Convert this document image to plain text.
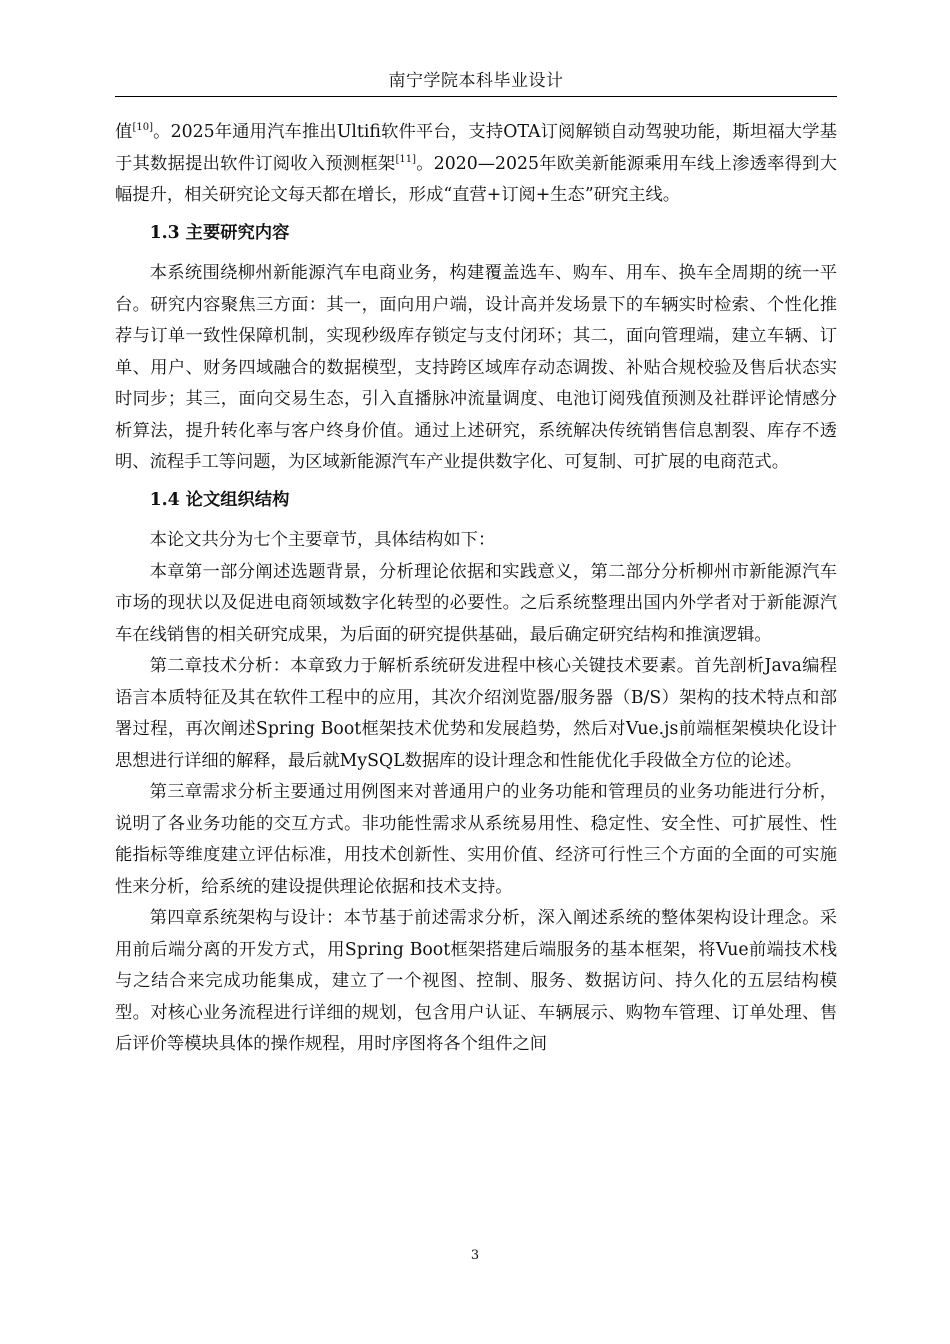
南宁学院本科毕业设计

值[10]。2025年通用汽车推出Ultifi软件平台，支持OTA订阅解锁自动驾驶功能，斯坦福大学基于其数据提出软件订阅收入预测框架[11]。2020—2025年欧美新能源乘用车线上渗透率得到大幅提升，相关研究论文每天都在增长，形成“直营+订阅+生态”研究主线。

1.3 主要研究内容

本系统围绕柳州新能源汽车电商业务，构建覆盖选车、购车、用车、换车全周期的统一平台。研究内容聚焦三方面：其一，面向用户端，设计高并发场景下的车辆实时检索、个性化推荐与订单一致性保障机制，实现秒级库存锁定与支付闭环；其二，面向管理端，建立车辆、订单、用户、财务四域融合的数据模型，支持跨区域库存动态调拨、补贴合规校验及售后状态实时同步；其三，面向交易生态，引入直播脉冲流量调度、电池订阅残值预测及社群评论情感分析算法，提升转化率与客户终身价值。通过上述研究，系统解决传统销售信息割裂、库存不透明、流程手工等问题，为区域新能源汽车产业提供数字化、可复制、可扩展的电商范式。

1.4 论文组织结构

本论文共分为七个主要章节，具体结构如下：

本章第一部分阐述选题背景，分析理论依据和实践意义，第二部分分析柳州市新能源汽车市场的现状以及促进电商领域数字化转型的必要性。之后系统整理出国内外学者对于新能源汽车在线销售的相关研究成果，为后面的研究提供基础，最后确定研究结构和推演逻辑。

第二章技术分析：本章致力于解析系统研发进程中核心关键技术要素。首先剖析Java编程语言本质特征及其在软件工程中的应用，其次介绍浏览器/服务器（B/S）架构的技术特点和部署过程，再次阐述Spring Boot框架技术优势和发展趋势，然后对Vue.js前端框架模块化设计思想进行详细的解释，最后就MySQL数据库的设计理念和性能优化手段做全方位的论述。

第三章需求分析主要通过用例图来对普通用户的业务功能和管理员的业务功能进行分析，说明了各业务功能的交互方式。非功能性需求从系统易用性、稳定性、安全性、可扩展性、性能指标等维度建立评估标准，用技术创新性、实用价值、经济可行性三个方面的全面的可实施性来分析，给系统的建设提供理论依据和技术支持。

第四章系统架构与设计：本节基于前述需求分析，深入阐述系统的整体架构设计理念。采用前后端分离的开发方式，用Spring Boot框架搭建后端服务的基本框架，将Vue前端技术栈与之结合来完成功能集成，建立了一个视图、控制、服务、数据访问、持久化的五层结构模型。对核心业务流程进行详细的规划，包含用户认证、车辆展示、购物车管理、订单处理、售后评价等模块具体的操作规程，用时序图将各个组件之间

3
